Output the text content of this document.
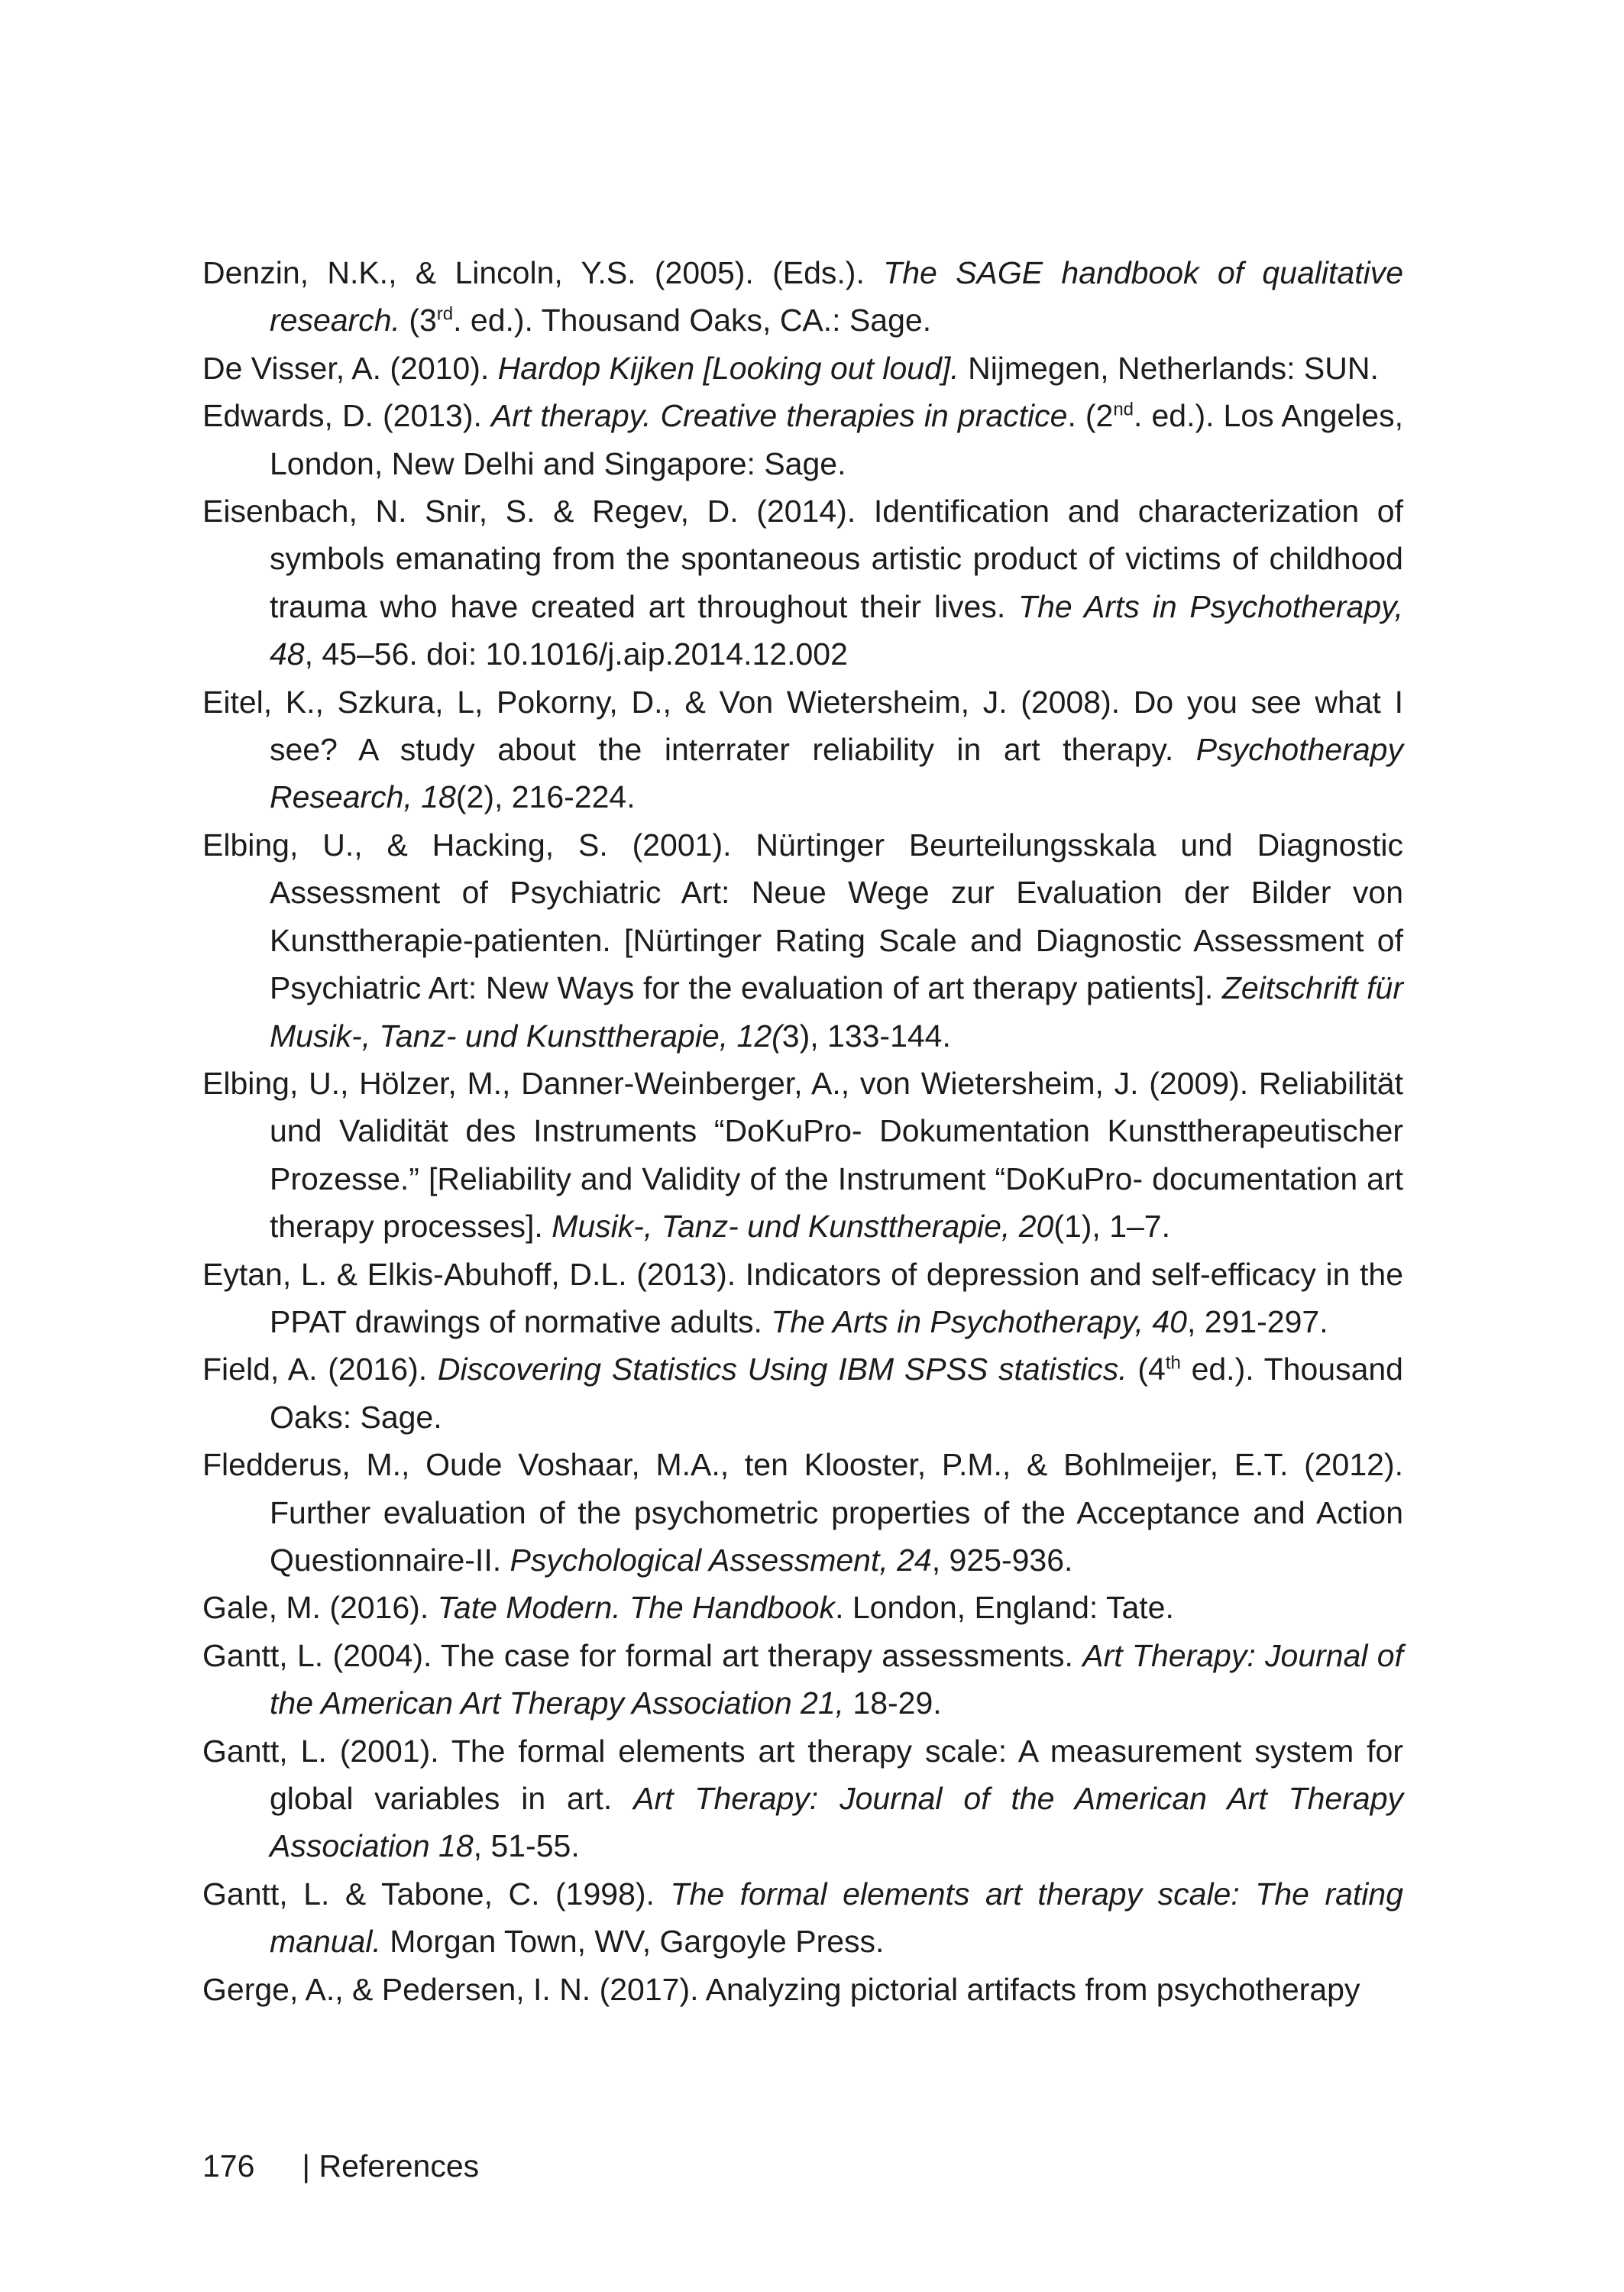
Denzin, N.K., & Lincoln, Y.S. (2005). (Eds.). The SAGE handbook of qualitative research. (3rd. ed.). Thousand Oaks, CA.: Sage.
De Visser, A. (2010). Hardop Kijken [Looking out loud]. Nijmegen, Netherlands: SUN.
Edwards, D. (2013). Art therapy. Creative therapies in practice. (2nd. ed.). Los Angeles, London, New Delhi and Singapore: Sage.
Eisenbach, N. Snir, S. & Regev, D. (2014). Identification and characterization of symbols emanating from the spontaneous artistic product of victims of childhood trauma who have created art throughout their lives. The Arts in Psychotherapy, 48, 45–56. doi: 10.1016/j.aip.2014.12.002
Eitel, K., Szkura, L, Pokorny, D., & Von Wietersheim, J. (2008). Do you see what I see? A study about the interrater reliability in art therapy. Psychotherapy Research, 18(2), 216-224.
Elbing, U., & Hacking, S. (2001). Nürtinger Beurteilungsskala und Diagnostic Assessment of Psychiatric Art: Neue Wege zur Evaluation der Bilder von Kunsttherapie-patienten. [Nürtinger Rating Scale and Diagnostic Assessment of Psychiatric Art: New Ways for the evaluation of art therapy patients]. Zeitschrift für Musik-, Tanz- und Kunsttherapie, 12(3), 133-144.
Elbing, U., Hölzer, M., Danner-Weinberger, A., von Wietersheim, J. (2009). Reliabilität und Validität des Instruments “DoKuPro- Dokumentation Kunsttherapeutischer Prozesse.” [Reliability and Validity of the Instrument “DoKuPro- documentation art therapy processes]. Musik-, Tanz- und Kunsttherapie, 20(1), 1–7.
Eytan, L. & Elkis-Abuhoff, D.L. (2013). Indicators of depression and self-efficacy in the PPAT drawings of normative adults. The Arts in Psychotherapy, 40, 291-297.
Field, A. (2016). Discovering Statistics Using IBM SPSS statistics. (4th ed.). Thousand Oaks: Sage.
Fledderus, M., Oude Voshaar, M.A., ten Klooster, P.M., & Bohlmeijer, E.T. (2012). Further evaluation of the psychometric properties of the Acceptance and Action Questionnaire-II. Psychological Assessment, 24, 925-936.
Gale, M. (2016). Tate Modern. The Handbook. London, England: Tate.
Gantt, L. (2004). The case for formal art therapy assessments. Art Therapy: Journal of the American Art Therapy Association 21, 18-29.
Gantt, L. (2001). The formal elements art therapy scale: A measurement system for global variables in art. Art Therapy: Journal of the American Art Therapy Association 18, 51-55.
Gantt, L. & Tabone, C. (1998). The formal elements art therapy scale: The rating manual. Morgan Town, WV, Gargoyle Press.
Gerge, A., & Pedersen, I. N. (2017). Analyzing pictorial artifacts from psychotherapy
176 | References
